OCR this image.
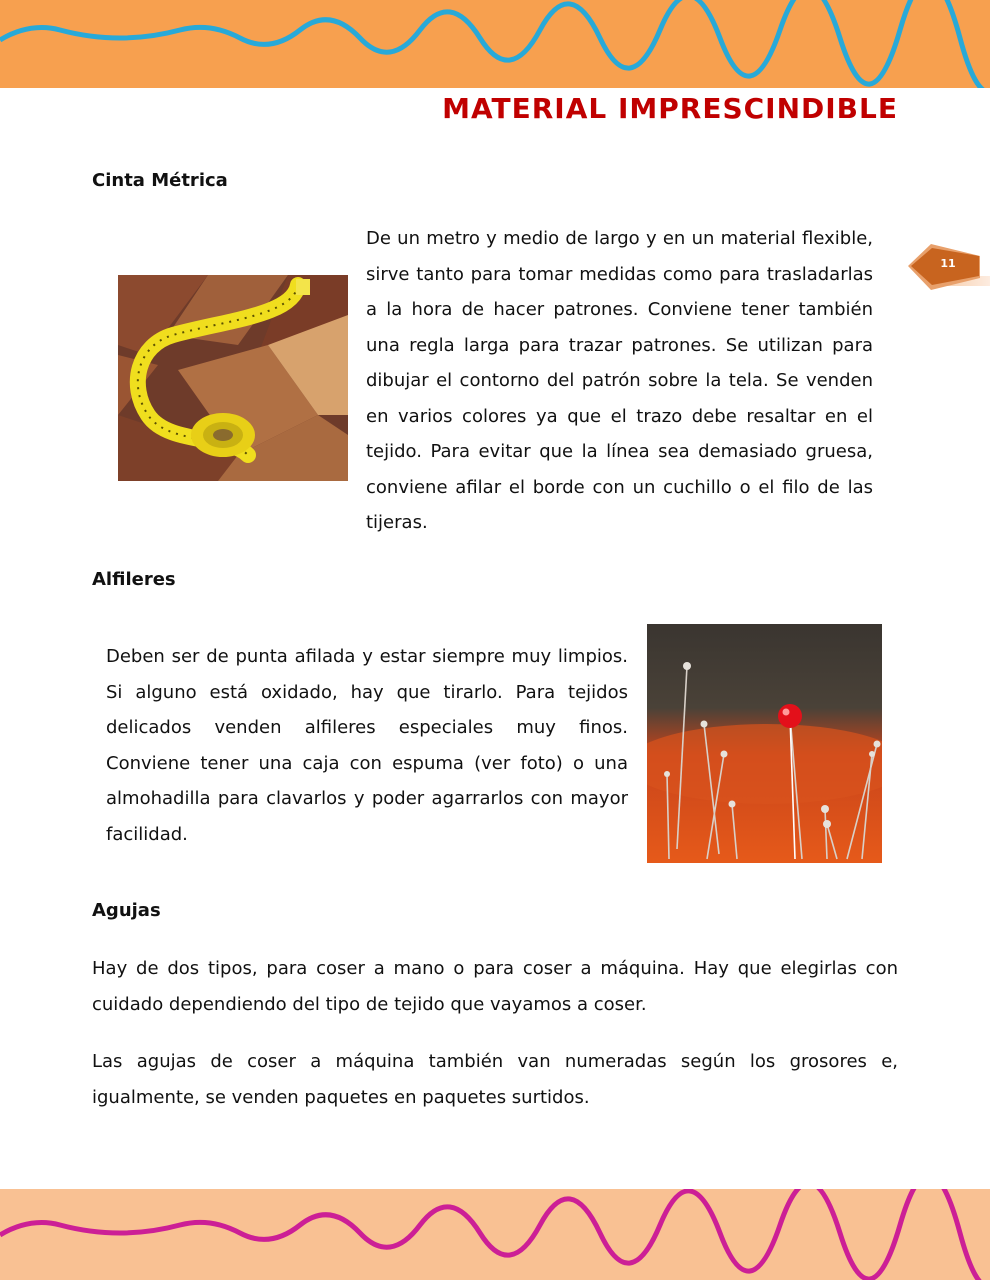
MATERIAL IMPRESCINDIBLE
11
Cinta Métrica

De un metro y medio de largo y en un material flexible, sirve tanto para tomar medidas como para trasladarlas a la hora de hacer patrones. Conviene tener también una regla larga para trazar patrones. Se utilizan para dibujar el contorno del patrón sobre la tela. Se venden en varios colores ya que el trazo debe resaltar en el tejido. Para evitar que la línea sea demasiado gruesa, conviene afilar el borde con un cuchillo o el filo de las tijeras.

Alfileres

Deben ser de punta afilada y estar siempre muy limpios. Si alguno está oxidado, hay que tirarlo. Para tejidos delicados venden alfileres especiales muy finos. Conviene tener una caja con espuma (ver foto) o una almohadilla para clavarlos y poder agarrarlos con mayor facilidad.

Agujas

Hay de dos tipos, para coser a mano o para coser a máquina. Hay que elegirlas con cuidado dependiendo del tipo de tejido que vayamos a coser.

Las agujas de coser a máquina también van numeradas según los grosores e, igualmente, se venden paquetes en paquetes surtidos.
